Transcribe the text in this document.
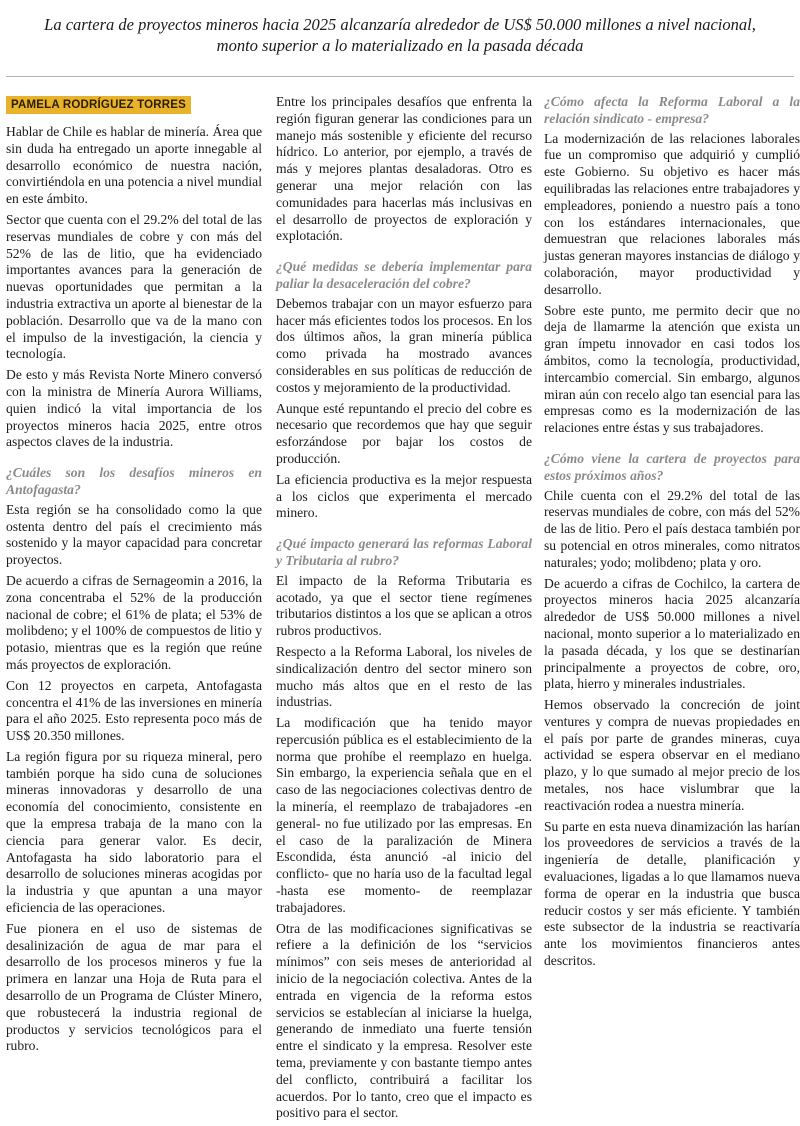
La cartera de proyectos mineros hacia 2025 alcanzaría alrededor de US$ 50.000 millones a nivel nacional,
monto superior a lo materializado en la pasada década
PAMELA RODRÍGUEZ TORRES

Hablar de Chile es hablar de minería. Área que sin duda ha entregado un aporte innegable al desarrollo económico de nuestra nación, convirtiéndola en una potencia a nivel mundial en este ámbito.

Sector que cuenta con el 29.2% del total de las reservas mundiales de cobre y con más del 52% de las de litio, que ha evidenciado importantes avances para la generación de nuevas oportunidades que permitan a la industria extractiva un aporte al bienestar de la población. Desarrollo que va de la mano con el impulso de la investigación, la ciencia y tecnología.

De esto y más Revista Norte Minero conversó con la ministra de Minería Aurora Williams, quien indicó la vital importancia de los proyectos mineros hacia 2025, entre otros aspectos claves de la industria.

¿Cuáles son los desafíos mineros en Antofagasta?

Esta región se ha consolidado como la que ostenta dentro del país el crecimiento más sostenido y la mayor capacidad para concretar proyectos.

De acuerdo a cifras de Sernageomin a 2016, la zona concentraba el 52% de la producción nacional de cobre; el 61% de plata; el 53% de molibdeno; y el 100% de compuestos de litio y potasio, mientras que es la región que reúne más proyectos de exploración.

Con 12 proyectos en carpeta, Antofagasta concentra el 41% de las inversiones en minería para el año 2025. Esto representa poco más de US$ 20.350 millones.

La región figura por su riqueza mineral, pero también porque ha sido cuna de soluciones mineras innovadoras y desarrollo de una economía del conocimiento, consistente en que la empresa trabaja de la mano con la ciencia para generar valor. Es decir, Antofagasta ha sido laboratorio para el desarrollo de soluciones mineras acogidas por la industria y que apuntan a una mayor eficiencia de las operaciones.

Fue pionera en el uso de sistemas de desalinización de agua de mar para el desarrollo de los procesos mineros y fue la primera en lanzar una Hoja de Ruta para el desarrollo de un Programa de Clúster Minero, que robustecerá la industria regional de productos y servicios tecnológicos para el rubro.

Entre los principales desafíos que enfrenta la región figuran generar las condiciones para un manejo más sostenible y eficiente del recurso hídrico. Lo anterior, por ejemplo, a través de más y mejores plantas desaladoras. Otro es generar una mejor relación con las comunidades para hacerlas más inclusivas en el desarrollo de proyectos de exploración y explotación.

¿Qué medidas se debería implementar para paliar la desaceleración del cobre?

Debemos trabajar con un mayor esfuerzo para hacer más eficientes todos los procesos. En los dos últimos años, la gran minería pública como privada ha mostrado avances considerables en sus políticas de reducción de costos y mejoramiento de la productividad.

Aunque esté repuntando el precio del cobre es necesario que recordemos que hay que seguir esforzándose por bajar los costos de producción.

La eficiencia productiva es la mejor respuesta a los ciclos que experimenta el mercado minero.

¿Qué impacto generará las reformas Laboral y Tributaria al rubro?

El impacto de la Reforma Tributaria es acotado, ya que el sector tiene regímenes tributarios distintos a los que se aplican a otros rubros productivos.

Respecto a la Reforma Laboral, los niveles de sindicalización dentro del sector minero son mucho más altos que en el resto de las industrias.

La modificación que ha tenido mayor repercusión pública es el establecimiento de la norma que prohíbe el reemplazo en huelga. Sin embargo, la experiencia señala que en el caso de las negociaciones colectivas dentro de la minería, el reemplazo de trabajadores -en general- no fue utilizado por las empresas. En el caso de la paralización de Minera Escondida, ésta anunció -al inicio del conflicto- que no haría uso de la facultad legal -hasta ese momento- de reemplazar trabajadores.

Otra de las modificaciones significativas se refiere a la definición de los “servicios mínimos” con seis meses de anterioridad al inicio de la negociación colectiva. Antes de la entrada en vigencia de la reforma estos servicios se establecían al iniciarse la huelga, generando de inmediato una fuerte tensión entre el sindicato y la empresa. Resolver este tema, previamente y con bastante tiempo antes del conflicto, contribuirá a facilitar los acuerdos. Por lo tanto, creo que el impacto es positivo para el sector.

¿Cómo afecta la Reforma Laboral a la relación sindicato - empresa?

La modernización de las relaciones laborales fue un compromiso que adquirió y cumplió este Gobierno. Su objetivo es hacer más equilibradas las relaciones entre trabajadores y empleadores, poniendo a nuestro país a tono con los estándares internacionales, que demuestran que relaciones laborales más justas generan mayores instancias de diálogo y colaboración, mayor productividad y desarrollo.

Sobre este punto, me permito decir que no deja de llamarme la atención que exista un gran ímpetu innovador en casi todos los ámbitos, como la tecnología, productividad, intercambio comercial. Sin embargo, algunos miran aún con recelo algo tan esencial para las empresas como es la modernización de las relaciones entre éstas y sus trabajadores.

¿Cómo viene la cartera de proyectos para estos próximos años?

Chile cuenta con el 29.2% del total de las reservas mundiales de cobre, con más del 52% de las de litio. Pero el país destaca también por su potencial en otros minerales, como nitratos naturales; yodo; molibdeno; plata y oro.

De acuerdo a cifras de Cochilco, la cartera de proyectos mineros hacia 2025 alcanzaría alrededor de US$ 50.000 millones a nivel nacional, monto superior a lo materializado en la pasada década, y los que se destinarían principalmente a proyectos de cobre, oro, plata, hierro y minerales industriales.

Hemos observado la concreción de joint ventures y compra de nuevas propiedades en el país por parte de grandes mineras, cuya actividad se espera observar en el mediano plazo, y lo que sumado al mejor precio de los metales, nos hace vislumbrar que la reactivación rodea a nuestra minería.

Su parte en esta nueva dinamización las harían los proveedores de servicios a través de la ingeniería de detalle, planificación y evaluaciones, ligadas a lo que llamamos nueva forma de operar en la industria que busca reducir costos y ser más eficiente. Y también este subsector de la industria se reactivaría ante los movimientos financieros antes descritos.
